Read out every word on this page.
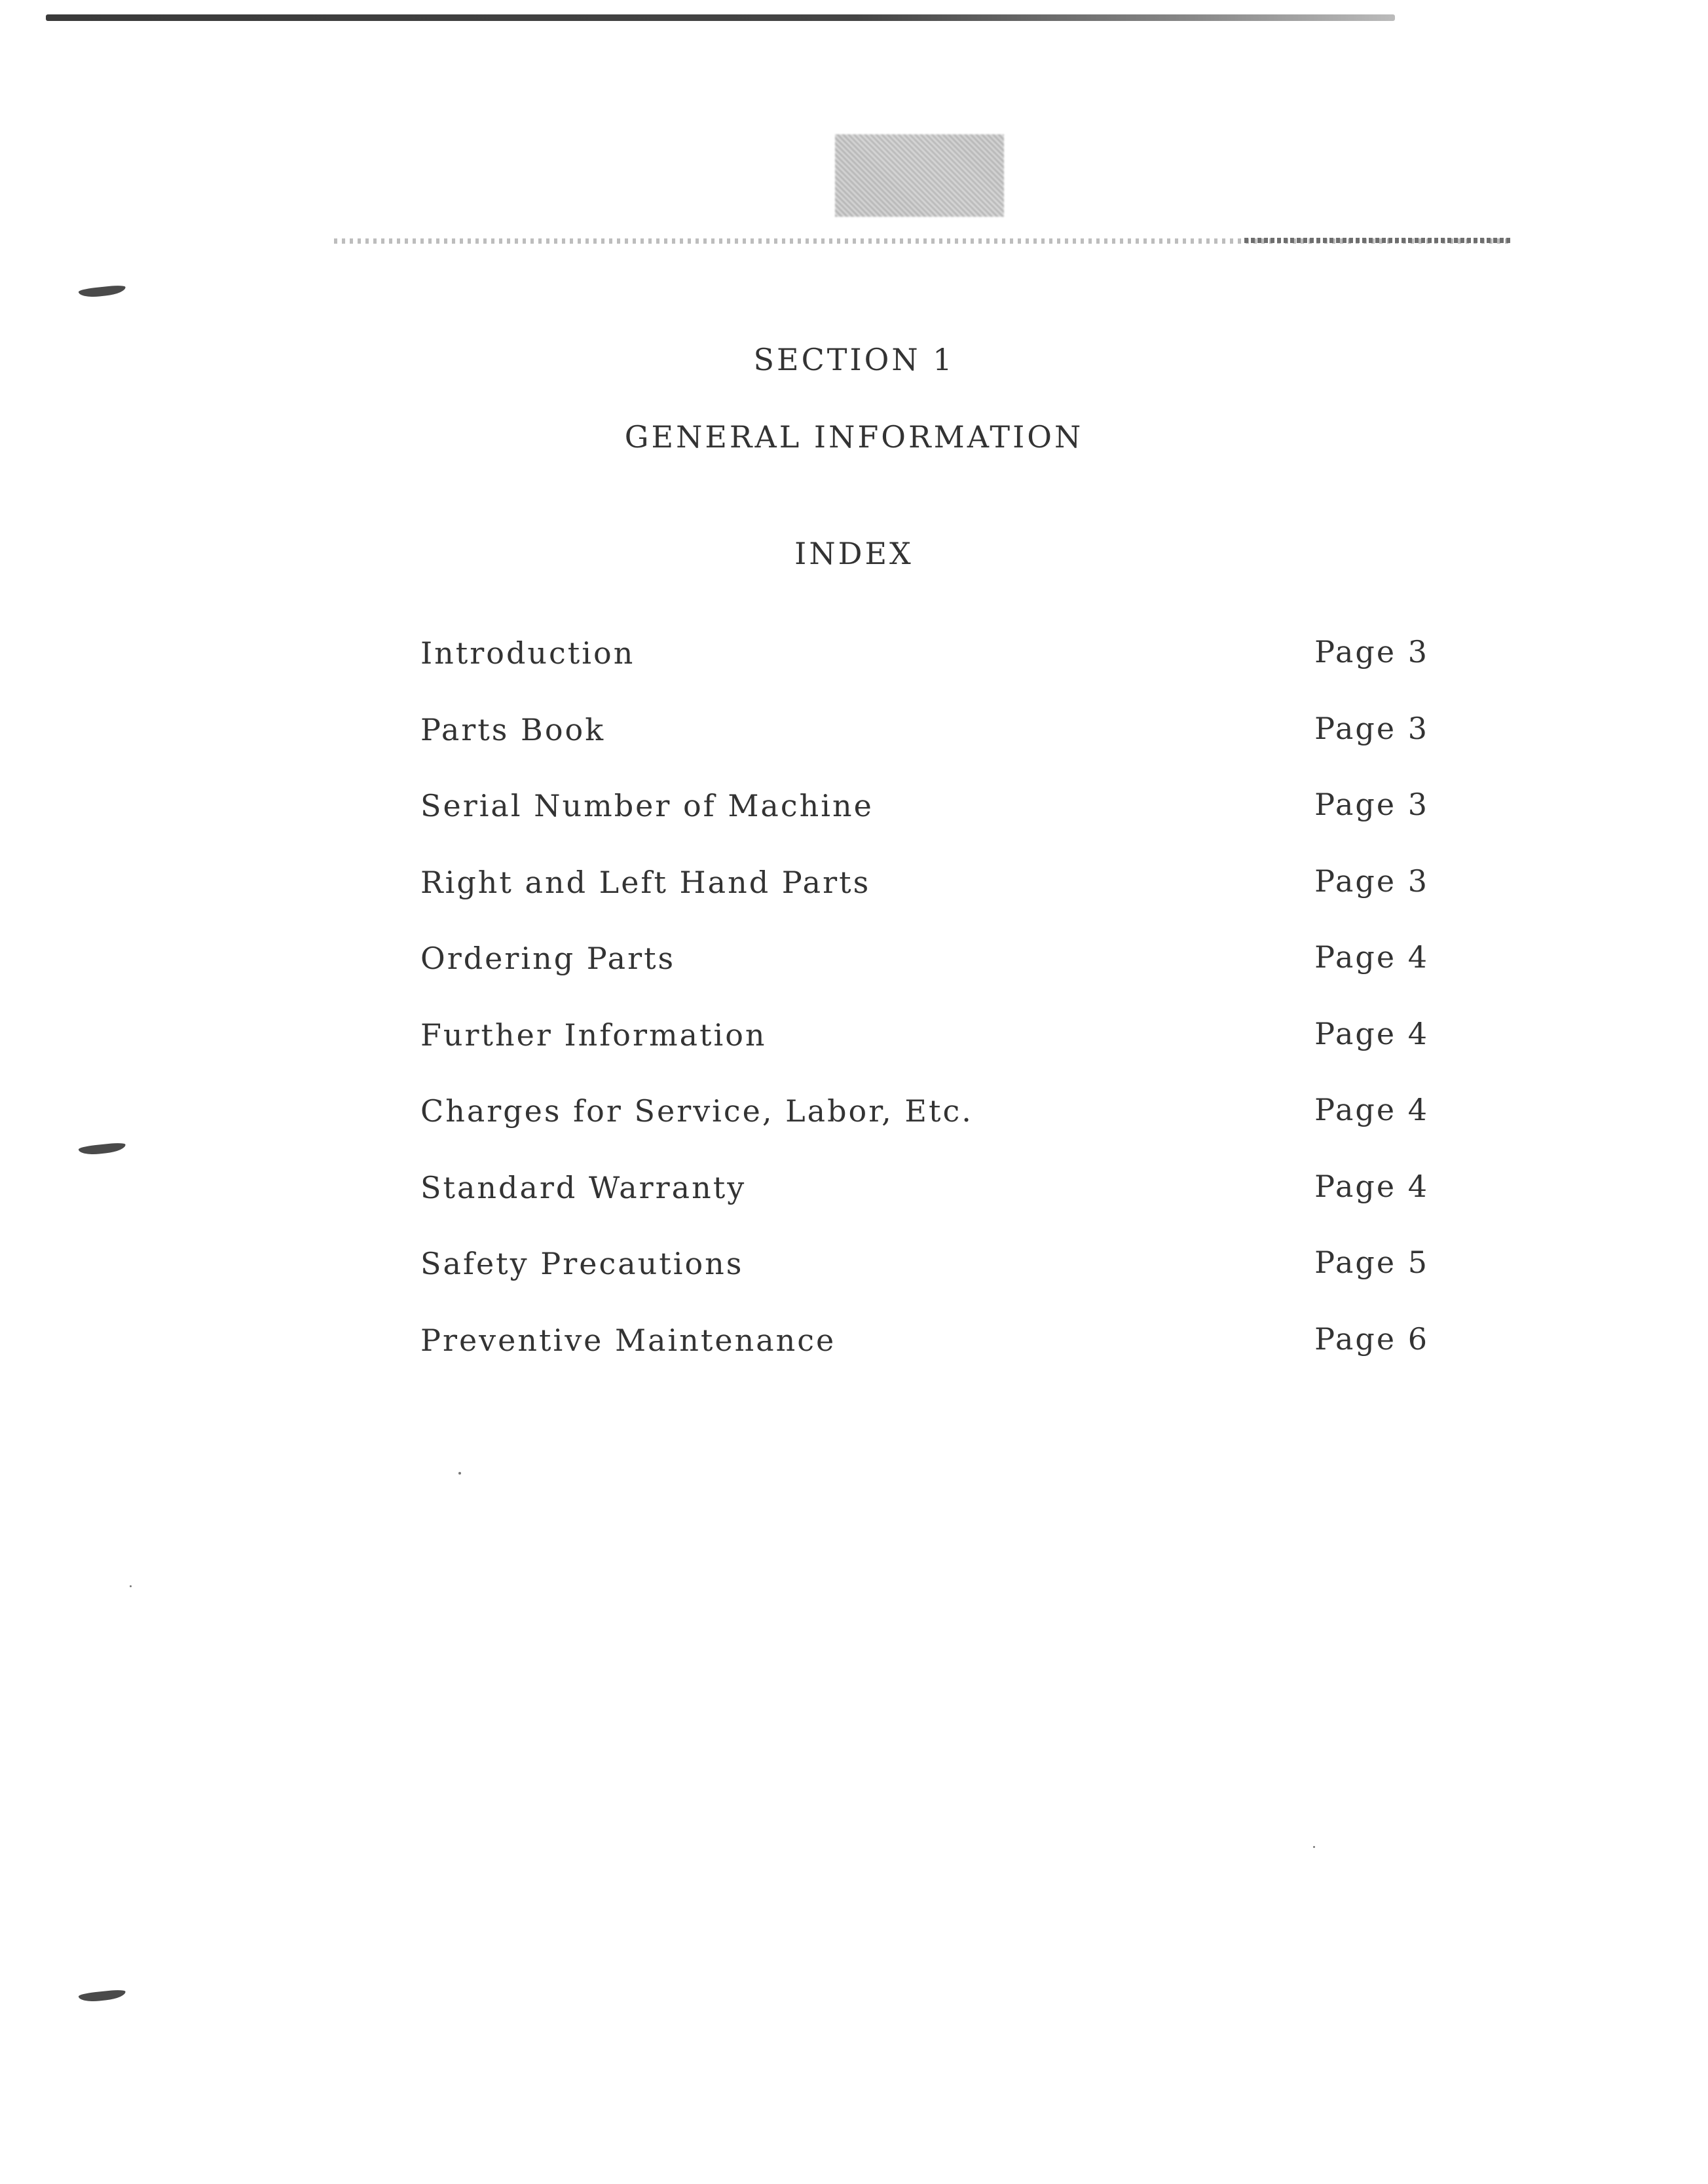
SECTION 1
GENERAL INFORMATION
INDEX
Introduction	Page 3
Parts Book	Page 3
Serial Number of Machine	Page 3
Right and Left Hand Parts	Page 3
Ordering Parts	Page 4
Further Information	Page 4
Charges for Service, Labor, Etc.	Page 4
Standard Warranty	Page 4
Safety Precautions	Page 5
Preventive Maintenance	Page 6
